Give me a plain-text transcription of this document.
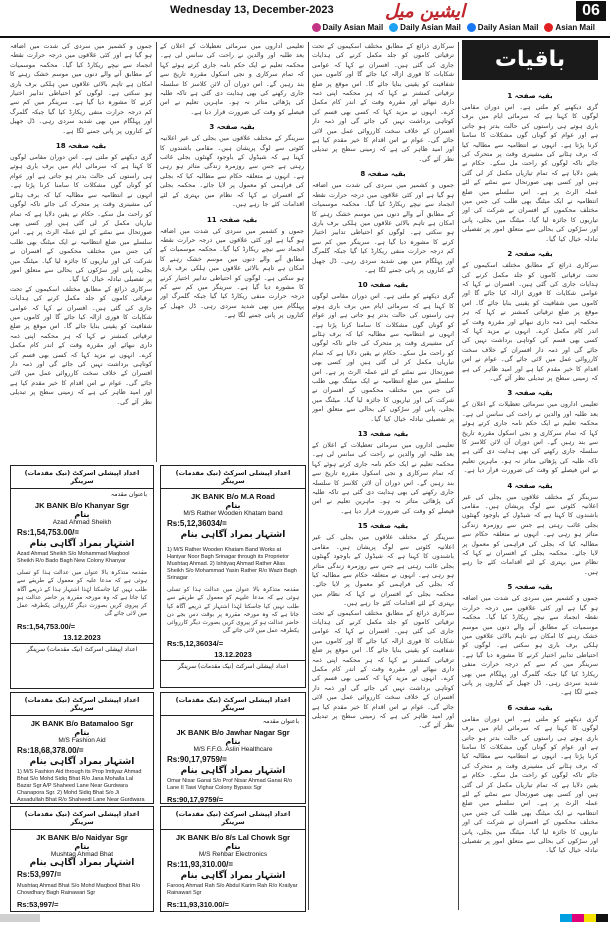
Wednesday 13, December-2023	ایشین میل	06
Daily Asian Mail Daily Asian Mail Daily Asian Mail Asian Mail
باقیات
بقیہ صفحہ 1
گری دیکھنے کو ملتی ہے۔ اس دوران مقامی لوگوں کا کہنا ہے کہ سرمائی ایام میں برف باری ہوتے ہی راستوں کی حالت بدتر ہو جاتی ہے اور عوام کو گوناں گوں مشکلات کا سامنا کرنا پڑتا ہے۔ انہوں نے انتظامیہ سے مطالبہ کیا کہ برف ہٹانے کی مشینری وقت پر متحرک کی جائے تاکہ لوگوں کو راحت مل سکے۔ حکام نے یقین دلایا ہے کہ تمام تیاریاں مکمل کر لی گئی ہیں اور کسی بھی صورتحال سے نمٹنے کے لئے عملہ الرٹ پر ہے۔ اس سلسلے میں ضلع انتظامیہ نے ایک میٹنگ بھی طلب کی جس میں مختلف محکموں کے افسران نے شرکت کی اور تیاریوں کا جائزہ لیا گیا۔ میٹنگ میں بجلی، پانی اور سڑکوں کی بحالی سے متعلق امور پر تفصیلی تبادلہ خیال کیا گیا۔
بقیہ صفحہ 2
سرکاری ذرائع کے مطابق مختلف اسکیموں کے تحت ترقیاتی کاموں کو جلد مکمل کرنے کی ہدایات جاری کی گئی ہیں۔ افسران نے کہا کہ عوامی شکایات کا فوری ازالہ کیا جائے گا اور کاموں میں شفافیت کو یقینی بنایا جائے گا۔ اس موقع پر ضلع ترقیاتی کمشنر نے کہا کہ ہر محکمہ اپنی ذمہ داری نبھائے اور مقررہ وقت کے اندر کام مکمل کرے۔ انہوں نے مزید کہا کہ کسی بھی قسم کی کوتاہی برداشت نہیں کی جائے گی اور ذمہ دار افسران کے خلاف سخت کارروائی عمل میں لائی جائے گی۔ عوام نے اس اقدام کا خیر مقدم کیا ہے اور امید ظاہر کی ہے کہ زمینی سطح پر تبدیلی نظر آئے گی۔
بقیہ صفحہ 3
تعلیمی اداروں میں سرمائی تعطیلات کے اعلان کے بعد طلبہ اور والدین نے راحت کی سانس لی ہے۔ محکمہ تعلیم نے ایک حکم نامہ جاری کرتے ہوئے کہا کہ تمام سرکاری و نجی اسکول مقررہ تاریخ سے بند رہیں گے۔ اس دوران آن لائن کلاسز کا سلسلہ جاری رکھنے کی بھی ہدایت دی گئی ہے تاکہ طلبہ کی پڑھائی متاثر نہ ہو۔ ماہرین تعلیم نے اس فیصلے کو وقت کی ضرورت قرار دیا ہے۔
بقیہ صفحہ 4
سرینگر کے مختلف علاقوں میں بجلی کی غیر اعلانیہ کٹوتی سے لوگ پریشان ہیں۔ مقامی باشندوں کا کہنا ہے کہ شیڈول کے باوجود گھنٹوں بجلی غائب رہتی ہے جس سے روزمرہ زندگی متاثر ہو رہی ہے۔ انہوں نے متعلقہ حکام سے مطالبہ کیا کہ بجلی کی فراہمی کو معمول پر لایا جائے۔ محکمہ بجلی کے افسران نے کہا کہ نظام میں بہتری کے لئے اقدامات کئے جا رہے ہیں۔
بقیہ صفحہ 5
جموں و کشمیر میں سردی کی شدت میں اضافہ ہو گیا ہے اور کئی علاقوں میں درجہ حرارت نقطہ انجماد سے نیچے ریکارڈ کیا گیا۔ محکمہ موسمیات کے مطابق آنے والے دنوں میں موسم خشک رہنے کا امکان ہے تاہم بالائی علاقوں میں ہلکی برف باری ہو سکتی ہے۔ لوگوں کو احتیاطی تدابیر اختیار کرنے کا مشورہ دیا گیا ہے۔ سرینگر میں کم سے کم درجہ حرارت منفی ریکارڈ کیا گیا جبکہ گلمرگ اور پہلگام میں بھی شدید سردی رہی۔ ڈل جھیل کے کناروں پر پانی جمنے لگا ہے۔
بقیہ صفحہ 6
گری دیکھنے کو ملتی ہے۔ اس دوران مقامی لوگوں کا کہنا ہے کہ سرمائی ایام میں برف باری ہوتے ہی راستوں کی حالت بدتر ہو جاتی ہے اور عوام کو گوناں گوں مشکلات کا سامنا کرنا پڑتا ہے۔ انہوں نے انتظامیہ سے مطالبہ کیا کہ برف ہٹانے کی مشینری وقت پر متحرک کی جائے تاکہ لوگوں کو راحت مل سکے۔ حکام نے یقین دلایا ہے کہ تمام تیاریاں مکمل کر لی گئی ہیں اور کسی بھی صورتحال سے نمٹنے کے لئے عملہ الرٹ پر ہے۔ اس سلسلے میں ضلع انتظامیہ نے ایک میٹنگ بھی طلب کی جس میں مختلف محکموں کے افسران نے شرکت کی اور تیاریوں کا جائزہ لیا گیا۔ میٹنگ میں بجلی، پانی اور سڑکوں کی بحالی سے متعلق امور پر تفصیلی تبادلہ خیال کیا گیا۔
سرکاری ذرائع کے مطابق مختلف اسکیموں کے تحت ترقیاتی کاموں کو جلد مکمل کرنے کی ہدایات جاری کی گئی ہیں۔ افسران نے کہا کہ عوامی شکایات کا فوری ازالہ کیا جائے گا اور کاموں میں شفافیت کو یقینی بنایا جائے گا۔ اس موقع پر ضلع ترقیاتی کمشنر نے کہا کہ ہر محکمہ اپنی ذمہ داری نبھائے اور مقررہ وقت کے اندر کام مکمل کرے۔ انہوں نے مزید کہا کہ کسی بھی قسم کی کوتاہی برداشت نہیں کی جائے گی اور ذمہ دار افسران کے خلاف سخت کارروائی عمل میں لائی جائے گی۔ عوام نے اس اقدام کا خیر مقدم کیا ہے اور امید ظاہر کی ہے کہ زمینی سطح پر تبدیلی نظر آئے گی۔
بقیہ صفحہ 8
جموں و کشمیر میں سردی کی شدت میں اضافہ ہو گیا ہے اور کئی علاقوں میں درجہ حرارت نقطہ انجماد سے نیچے ریکارڈ کیا گیا۔ محکمہ موسمیات کے مطابق آنے والے دنوں میں موسم خشک رہنے کا امکان ہے تاہم بالائی علاقوں میں ہلکی برف باری ہو سکتی ہے۔ لوگوں کو احتیاطی تدابیر اختیار کرنے کا مشورہ دیا گیا ہے۔ سرینگر میں کم سے کم درجہ حرارت منفی ریکارڈ کیا گیا جبکہ گلمرگ اور پہلگام میں بھی شدید سردی رہی۔ ڈل جھیل کے کناروں پر پانی جمنے لگا ہے۔
بقیہ صفحہ 10
گری دیکھنے کو ملتی ہے۔ اس دوران مقامی لوگوں کا کہنا ہے کہ سرمائی ایام میں برف باری ہوتے ہی راستوں کی حالت بدتر ہو جاتی ہے اور عوام کو گوناں گوں مشکلات کا سامنا کرنا پڑتا ہے۔ انہوں نے انتظامیہ سے مطالبہ کیا کہ برف ہٹانے کی مشینری وقت پر متحرک کی جائے تاکہ لوگوں کو راحت مل سکے۔ حکام نے یقین دلایا ہے کہ تمام تیاریاں مکمل کر لی گئی ہیں اور کسی بھی صورتحال سے نمٹنے کے لئے عملہ الرٹ پر ہے۔ اس سلسلے میں ضلع انتظامیہ نے ایک میٹنگ بھی طلب کی جس میں مختلف محکموں کے افسران نے شرکت کی اور تیاریوں کا جائزہ لیا گیا۔ میٹنگ میں بجلی، پانی اور سڑکوں کی بحالی سے متعلق امور پر تفصیلی تبادلہ خیال کیا گیا۔
بقیہ صفحہ 13
تعلیمی اداروں میں سرمائی تعطیلات کے اعلان کے بعد طلبہ اور والدین نے راحت کی سانس لی ہے۔ محکمہ تعلیم نے ایک حکم نامہ جاری کرتے ہوئے کہا کہ تمام سرکاری و نجی اسکول مقررہ تاریخ سے بند رہیں گے۔ اس دوران آن لائن کلاسز کا سلسلہ جاری رکھنے کی بھی ہدایت دی گئی ہے تاکہ طلبہ کی پڑھائی متاثر نہ ہو۔ ماہرین تعلیم نے اس فیصلے کو وقت کی ضرورت قرار دیا ہے۔
بقیہ صفحہ 15
سرینگر کے مختلف علاقوں میں بجلی کی غیر اعلانیہ کٹوتی سے لوگ پریشان ہیں۔ مقامی باشندوں کا کہنا ہے کہ شیڈول کے باوجود گھنٹوں بجلی غائب رہتی ہے جس سے روزمرہ زندگی متاثر ہو رہی ہے۔ انہوں نے متعلقہ حکام سے مطالبہ کیا کہ بجلی کی فراہمی کو معمول پر لایا جائے۔ محکمہ بجلی کے افسران نے کہا کہ نظام میں بہتری کے لئے اقدامات کئے جا رہے ہیں۔
سرکاری ذرائع کے مطابق مختلف اسکیموں کے تحت ترقیاتی کاموں کو جلد مکمل کرنے کی ہدایات جاری کی گئی ہیں۔ افسران نے کہا کہ عوامی شکایات کا فوری ازالہ کیا جائے گا اور کاموں میں شفافیت کو یقینی بنایا جائے گا۔ اس موقع پر ضلع ترقیاتی کمشنر نے کہا کہ ہر محکمہ اپنی ذمہ داری نبھائے اور مقررہ وقت کے اندر کام مکمل کرے۔ انہوں نے مزید کہا کہ کسی بھی قسم کی کوتاہی برداشت نہیں کی جائے گی اور ذمہ دار افسران کے خلاف سخت کارروائی عمل میں لائی جائے گی۔ عوام نے اس اقدام کا خیر مقدم کیا ہے اور امید ظاہر کی ہے کہ زمینی سطح پر تبدیلی نظر آئے گی۔
تعلیمی اداروں میں سرمائی تعطیلات کے اعلان کے بعد طلبہ اور والدین نے راحت کی سانس لی ہے۔ محکمہ تعلیم نے ایک حکم نامہ جاری کرتے ہوئے کہا کہ تمام سرکاری و نجی اسکول مقررہ تاریخ سے بند رہیں گے۔ اس دوران آن لائن کلاسز کا سلسلہ جاری رکھنے کی بھی ہدایت دی گئی ہے تاکہ طلبہ کی پڑھائی متاثر نہ ہو۔ ماہرین تعلیم نے اس فیصلے کو وقت کی ضرورت قرار دیا ہے۔
بقیہ صفحہ 3
سرینگر کے مختلف علاقوں میں بجلی کی غیر اعلانیہ کٹوتی سے لوگ پریشان ہیں۔ مقامی باشندوں کا کہنا ہے کہ شیڈول کے باوجود گھنٹوں بجلی غائب رہتی ہے جس سے روزمرہ زندگی متاثر ہو رہی ہے۔ انہوں نے متعلقہ حکام سے مطالبہ کیا کہ بجلی کی فراہمی کو معمول پر لایا جائے۔ محکمہ بجلی کے افسران نے کہا کہ نظام میں بہتری کے لئے اقدامات کئے جا رہے ہیں۔
بقیہ صفحہ 11
جموں و کشمیر میں سردی کی شدت میں اضافہ ہو گیا ہے اور کئی علاقوں میں درجہ حرارت نقطہ انجماد سے نیچے ریکارڈ کیا گیا۔ محکمہ موسمیات کے مطابق آنے والے دنوں میں موسم خشک رہنے کا امکان ہے تاہم بالائی علاقوں میں ہلکی برف باری ہو سکتی ہے۔ لوگوں کو احتیاطی تدابیر اختیار کرنے کا مشورہ دیا گیا ہے۔ سرینگر میں کم سے کم درجہ حرارت منفی ریکارڈ کیا گیا جبکہ گلمرگ اور پہلگام میں بھی شدید سردی رہی۔ ڈل جھیل کے کناروں پر پانی جمنے لگا ہے۔
جموں و کشمیر میں سردی کی شدت میں اضافہ ہو گیا ہے اور کئی علاقوں میں درجہ حرارت نقطہ انجماد سے نیچے ریکارڈ کیا گیا۔ محکمہ موسمیات کے مطابق آنے والے دنوں میں موسم خشک رہنے کا امکان ہے تاہم بالائی علاقوں میں ہلکی برف باری ہو سکتی ہے۔ لوگوں کو احتیاطی تدابیر اختیار کرنے کا مشورہ دیا گیا ہے۔ سرینگر میں کم سے کم درجہ حرارت منفی ریکارڈ کیا گیا جبکہ گلمرگ اور پہلگام میں بھی شدید سردی رہی۔ ڈل جھیل کے کناروں پر پانی جمنے لگا ہے۔
بقیہ صفحہ 18
گری دیکھنے کو ملتی ہے۔ اس دوران مقامی لوگوں کا کہنا ہے کہ سرمائی ایام میں برف باری ہوتے ہی راستوں کی حالت بدتر ہو جاتی ہے اور عوام کو گوناں گوں مشکلات کا سامنا کرنا پڑتا ہے۔ انہوں نے انتظامیہ سے مطالبہ کیا کہ برف ہٹانے کی مشینری وقت پر متحرک کی جائے تاکہ لوگوں کو راحت مل سکے۔ حکام نے یقین دلایا ہے کہ تمام تیاریاں مکمل کر لی گئی ہیں اور کسی بھی صورتحال سے نمٹنے کے لئے عملہ الرٹ پر ہے۔ اس سلسلے میں ضلع انتظامیہ نے ایک میٹنگ بھی طلب کی جس میں مختلف محکموں کے افسران نے شرکت کی اور تیاریوں کا جائزہ لیا گیا۔ میٹنگ میں بجلی، پانی اور سڑکوں کی بحالی سے متعلق امور پر تفصیلی تبادلہ خیال کیا گیا۔
سرکاری ذرائع کے مطابق مختلف اسکیموں کے تحت ترقیاتی کاموں کو جلد مکمل کرنے کی ہدایات جاری کی گئی ہیں۔ افسران نے کہا کہ عوامی شکایات کا فوری ازالہ کیا جائے گا اور کاموں میں شفافیت کو یقینی بنایا جائے گا۔ اس موقع پر ضلع ترقیاتی کمشنر نے کہا کہ ہر محکمہ اپنی ذمہ داری نبھائے اور مقررہ وقت کے اندر کام مکمل کرے۔ انہوں نے مزید کہا کہ کسی بھی قسم کی کوتاہی برداشت نہیں کی جائے گی اور ذمہ دار افسران کے خلاف سخت کارروائی عمل میں لائی جائے گی۔ عوام نے اس اقدام کا خیر مقدم کیا ہے اور امید ظاہر کی ہے کہ زمینی سطح پر تبدیلی نظر آئے گی۔
اعداد اپیشلی اسرکٹ (نیک مقدمات) سرینگر
JK BANK B/o M.A Road
بنام
M/S Rather Wooden Khatam band
Rs:5,12,36034/=
اشتہار بمراد آگاہی بنام
1) M/S Rather Wooden Khatam Band Works at Haniyar Noor Bagh Srinagar through its Proprietor Mushtaq Ahmad. 2) Ishtiyaq Ahmad Rather Alias Sheikh S/o Mohammad Yasin Rather R/o Wazir Bagh Srinagar
مقدمہ متذکرہ بالا عنوان میں عدالت ہذا کو تسلی ہوئی ہے کہ مدعا علیہم کو معمول کے طریقے سے طلب نہیں کیا جاسکتا لہٰذا اشتہار کے ذریعے آگاہ کیا جاتا ہے کہ وہ مورخہ مقررہ پر بوقت دس بجے دن حاضر عدالت ہو کر پیروی کریں بصورت دیگر کارروائی یکطرفہ عمل میں لائی جائے گی
Rs:5,12,36034/=
13.12.2023
اعداد اپیشلی اسرکٹ (نیک مقدمات) سرینگر
اعداد اپیشلی اسرکٹ (نیک مقدمات) سرینگر
باعنوان مقدمہ
JK BANK B/o Khanyar Sgr
بنام
Azad Ahmad Sheikh
Rs:1,54,753.00/=
اشتہار بمراد آگاہی بنام
Azad Ahmad Sheikh S/o Mohammad Maqbool Sheikh R/o Bado Bagh New Colony Khanyar
مقدمہ متذکرہ بالا عنوان میں عدالت ہذا کو تسلی ہوئی ہے کہ مدعا علیہ کو معمول کے طریقے سے طلب نہیں کیا جاسکتا لہٰذا اشتہار ہذا کے ذریعے آگاہ کیا جاتا ہے کہ وہ مورخہ مقررہ پر حاضر عدالت ہو کر پیروی کریں بصورت دیگر کارروائی یکطرفہ عمل میں لائی جائے گی
Rs:1,54,753.00/=
13.12.2023
اعداد اپیشلی اسرکٹ (نیک مقدمات) سرینگر
اعداد اپیشلی اسرکٹ (نیک مقدمات) سرینگر
باعنوان مقدمہ
JK BANK B/o Jawhar Nagar Sgr
بنام
M/S F.F.G. Aslin Healthcare
Rs:90,17,9759/=
اشتہار بمراد آگاہی بنام
Omar Nisar Ganai S/o Prof Nisar Ahmad Ganai R/o Lane II Tawi Vighar Colony Bypass Sgr
Rs:90,17,9759/=
اعداد اپیشلی اسرکٹ (نیک مقدمات) سرینگر
JK BANK B/o Batamaloo Sgr
بنام
M/S Fashion Aid
Rs:18,68,378.00/=
اشتہار بمراد آگاہی بنام
1) M/S Fashion Aid through its Prop Imtiyaz Ahmad Bhat S/o Mohd Sidiq Bhat R/o Jana Mohalla Lal Bazar Sgr A/P Shaheed Lane Near Gurdwara Chanapora Sgr. 2) Mohd Sidiq Bhat S/o Ji Assadullah Bhat R/o Shaheedi Lane Near Gurdwara
اعداد اپیشلی اسرکٹ (نیک مقدمات) سرینگر
JK BANK B/o 8/s Lal Chowk Sgr
بنام
M/S Rehbar Electronics
Rs:11,93,310.00/=
اشتہار بمراد آگاہی بنام
Farooq Ahmad Rah S/o Abdul Karim Rah R/o Krailyar Rainawari Sgr
Rs:11,93,310.00/=
اعداد اپیشلی اسرکٹ (نیک مقدمات) سرینگر
JK BANK B/o Naidyar Sgr
بنام
Mushtaq Ahmad Bhat
اشتہار بمراد آگاہی بنام
Rs:53,997/=
Mushtaq Ahmad Bhat S/o Mohd Maqbool Bhat R/o Chowdhary Bagh Rainawari Sgr
Rs:53,997/=
